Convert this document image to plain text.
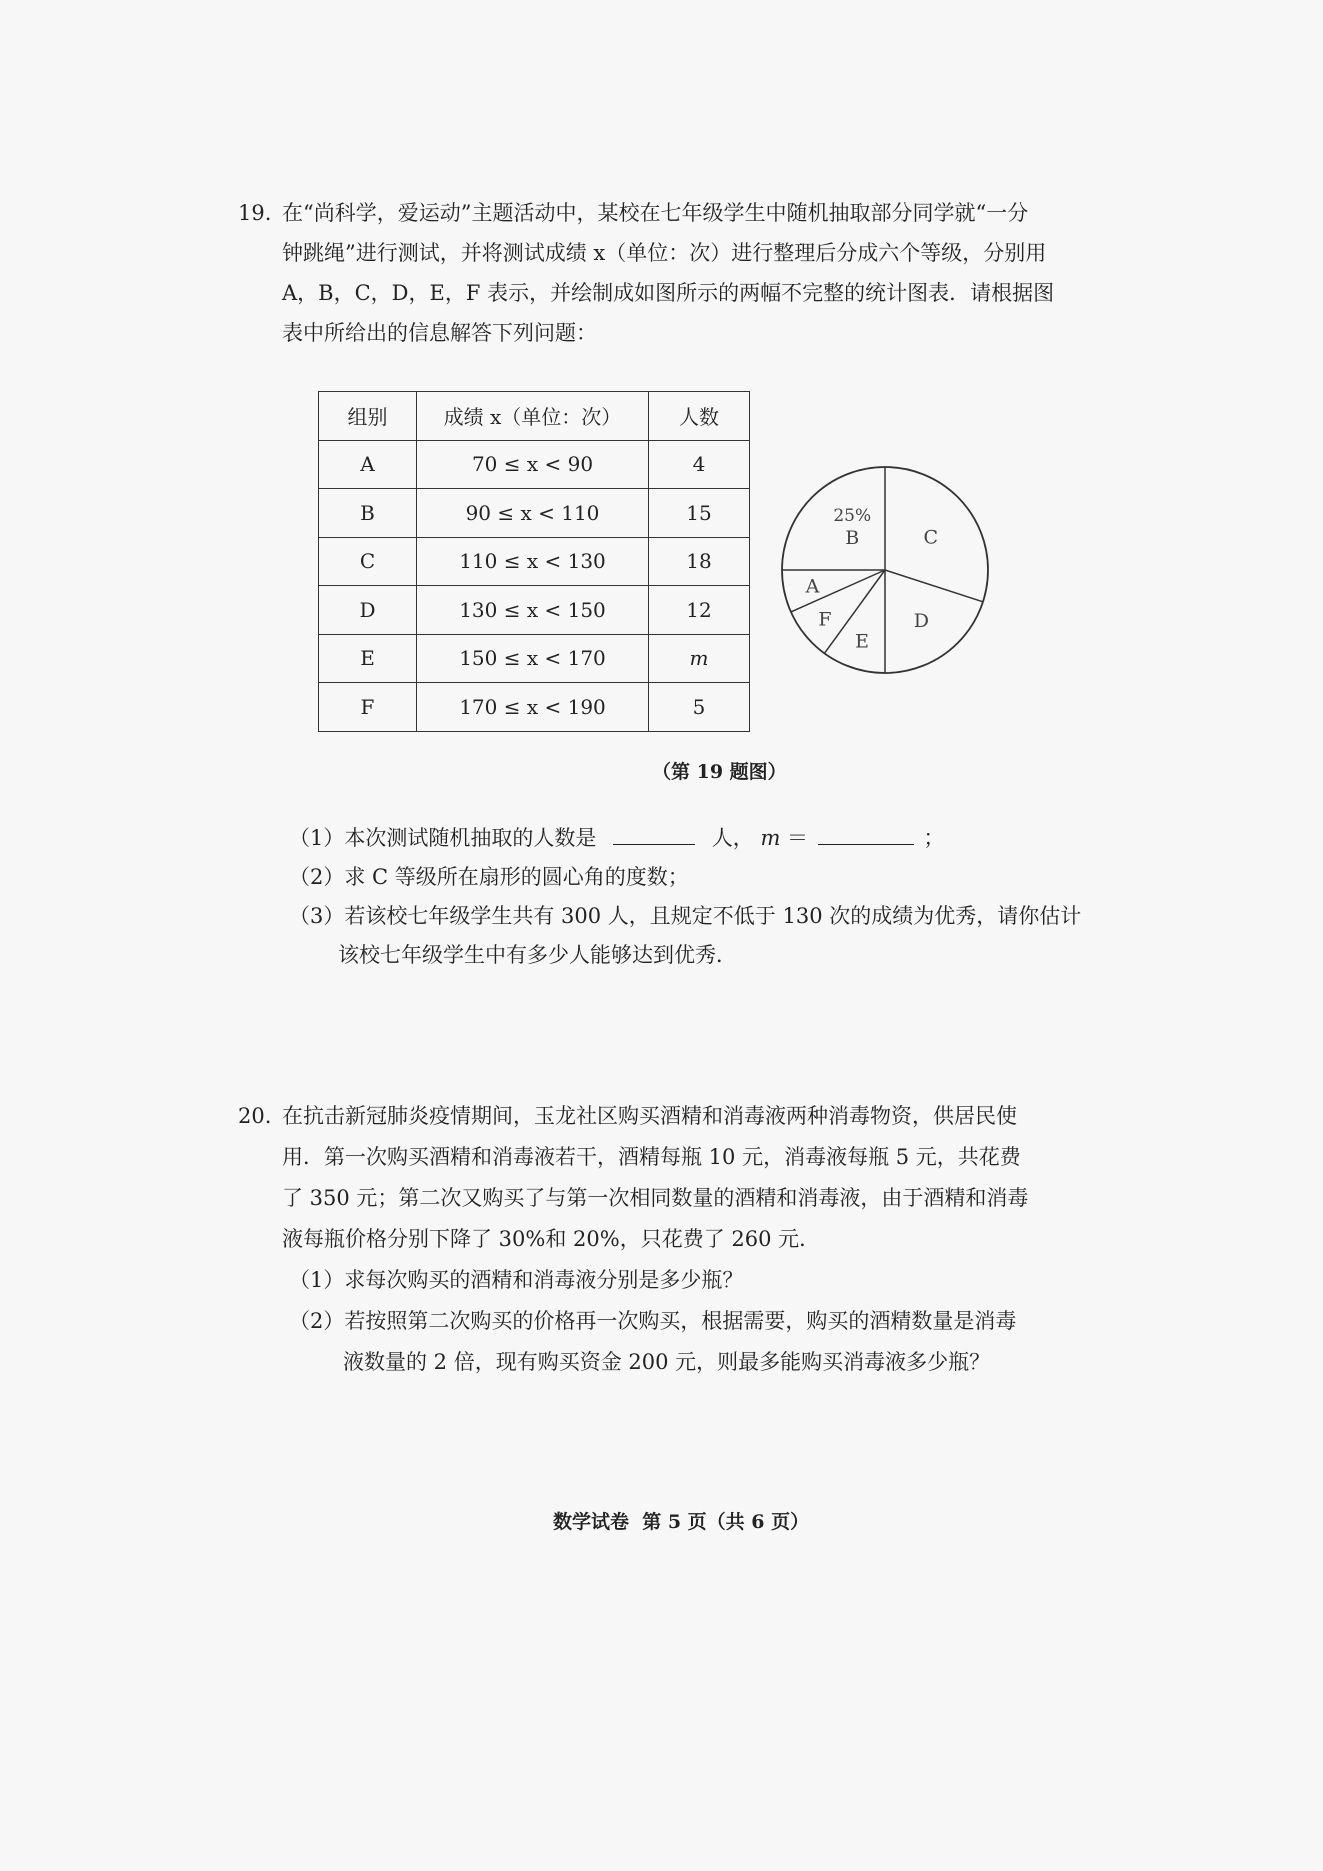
19. 在“尚科学，爱运动”主题活动中，某校在七年级学生中随机抽取部分同学就“一分
钟跳绳”进行测试，并将测试成绩 x（单位：次）进行整理后分成六个等级，分别用
A，B，C，D，E，F 表示，并绘制成如图所示的两幅不完整的统计图表．请根据图
表中所给出的信息解答下列问题：
组别	成绩 x（单位：次）	人数
A	70 ≤ x < 90	4
B	90 ≤ x < 110	15
C	110 ≤ x < 130	18
D	130 ≤ x < 150	12
E	150 ≤ x < 170	m
F	170 ≤ x < 190	5
B
25%
C
D
E
F
A
（第 19 题图）
（1）本次测试随机抽取的人数是	人， m ＝	；
（2）求 C 等级所在扇形的圆心角的度数；
（3）若该校七年级学生共有 300 人，且规定不低于 130 次的成绩为优秀，请你估计
该校七年级学生中有多少人能够达到优秀．
20. 在抗击新冠肺炎疫情期间，玉龙社区购买酒精和消毒液两种消毒物资，供居民使
用．第一次购买酒精和消毒液若干，酒精每瓶 10 元，消毒液每瓶 5 元，共花费
了 350 元；第二次又购买了与第一次相同数量的酒精和消毒液，由于酒精和消毒
液每瓶价格分别下降了 30%和 20%，只花费了 260 元．
（1）求每次购买的酒精和消毒液分别是多少瓶？
（2）若按照第二次购买的价格再一次购买，根据需要，购买的酒精数量是消毒
液数量的 2 倍，现有购买资金 200 元，则最多能购买消毒液多少瓶？
数学试卷  第 5 页（共 6 页）
